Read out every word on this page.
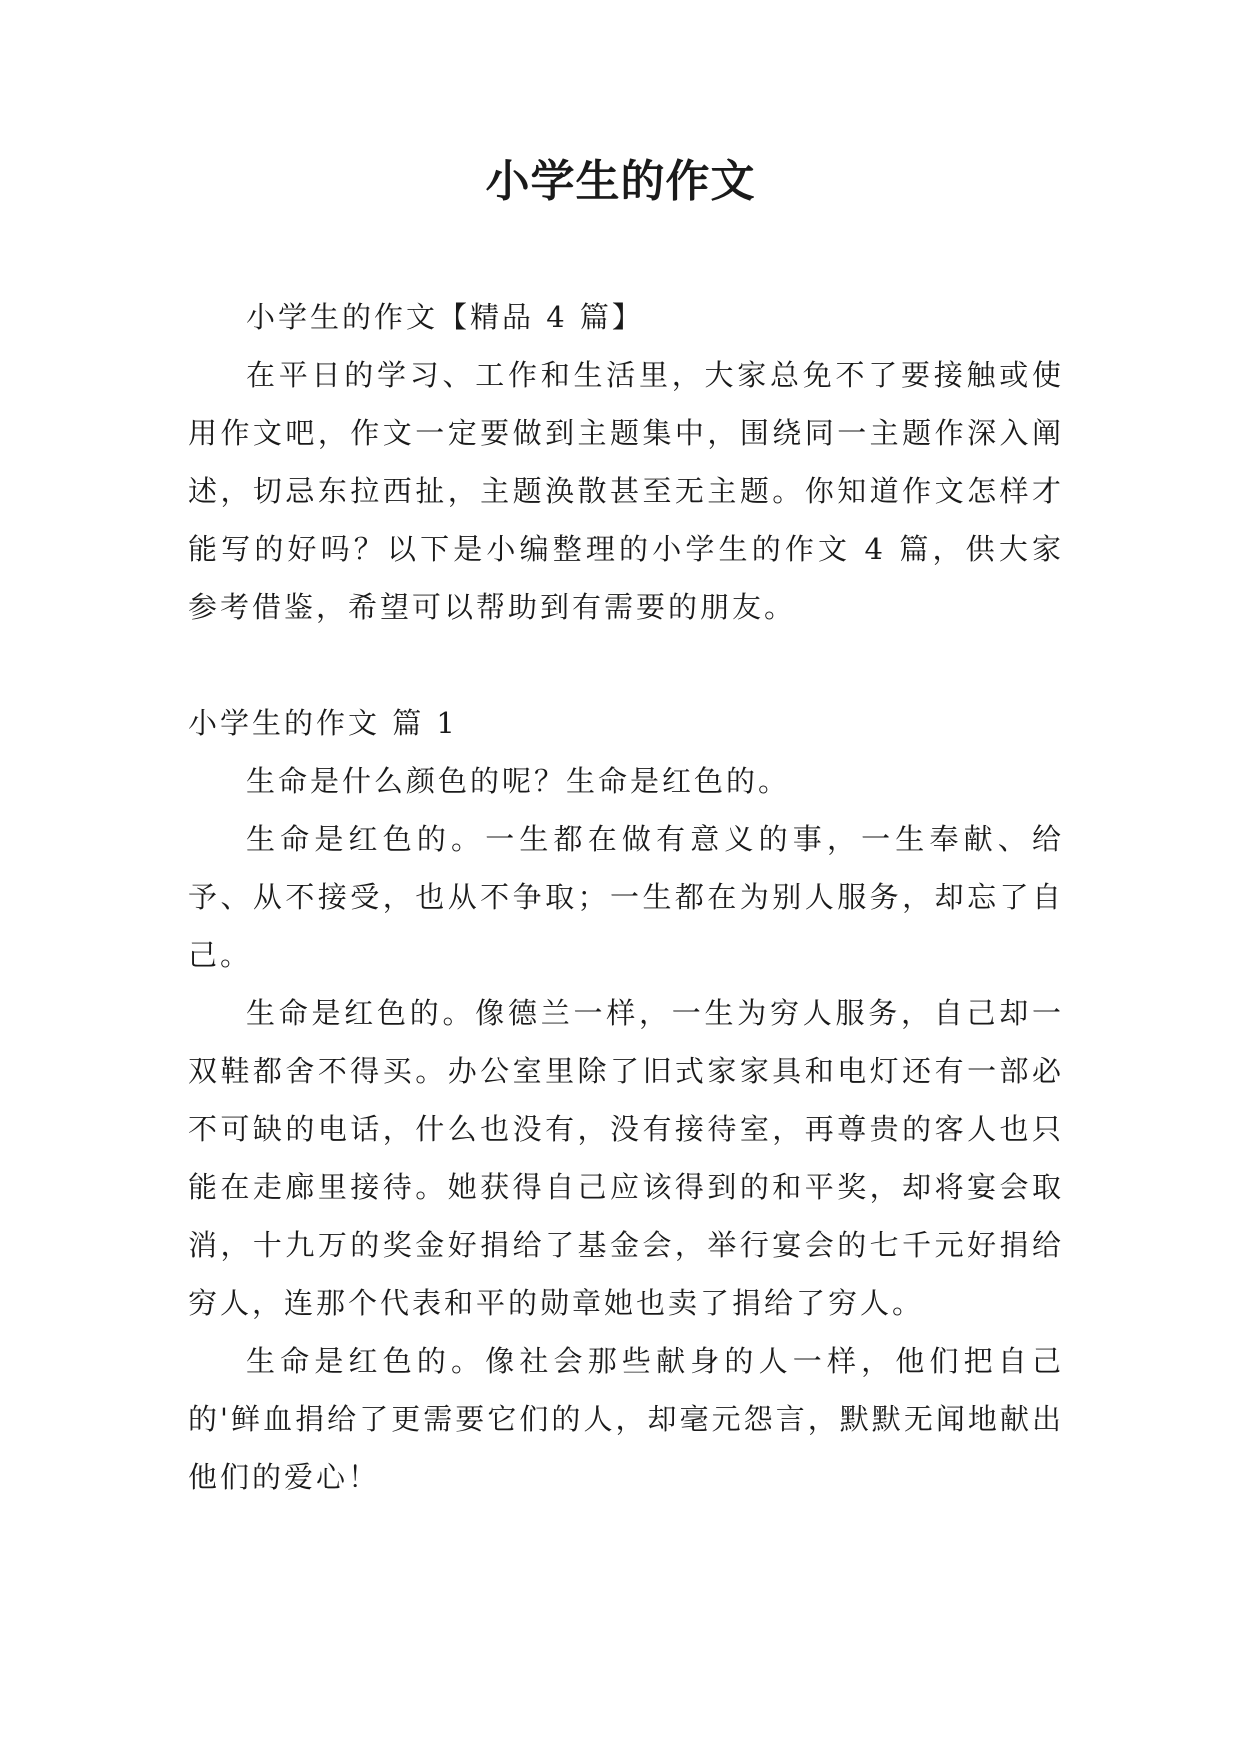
小学生的作文

小学生的作文【精品 4 篇】

在平日的学习、工作和生活里，大家总免不了要接触或使用作文吧，作文一定要做到主题集中，围绕同一主题作深入阐述，切忌东拉西扯，主题涣散甚至无主题。你知道作文怎样才能写的好吗？以下是小编整理的小学生的作文 4 篇，供大家参考借鉴，希望可以帮助到有需要的朋友。

小学生的作文 篇 1

生命是什么颜色的呢？生命是红色的。

生命是红色的。一生都在做有意义的事，一生奉献、给予、从不接受，也从不争取；一生都在为别人服务，却忘了自己。

生命是红色的。像德兰一样，一生为穷人服务，自己却一双鞋都舍不得买。办公室里除了旧式家家具和电灯还有一部必不可缺的电话，什么也没有，没有接待室，再尊贵的客人也只能在走廊里接待。她获得自己应该得到的和平奖，却将宴会取消，十九万的奖金好捐给了基金会，举行宴会的七千元好捐给穷人，连那个代表和平的勋章她也卖了捐给了穷人。

生命是红色的。像社会那些献身的人一样，他们把自己的'鲜血捐给了更需要它们的人，却毫元怨言，默默无闻地献出他们的爱心！
